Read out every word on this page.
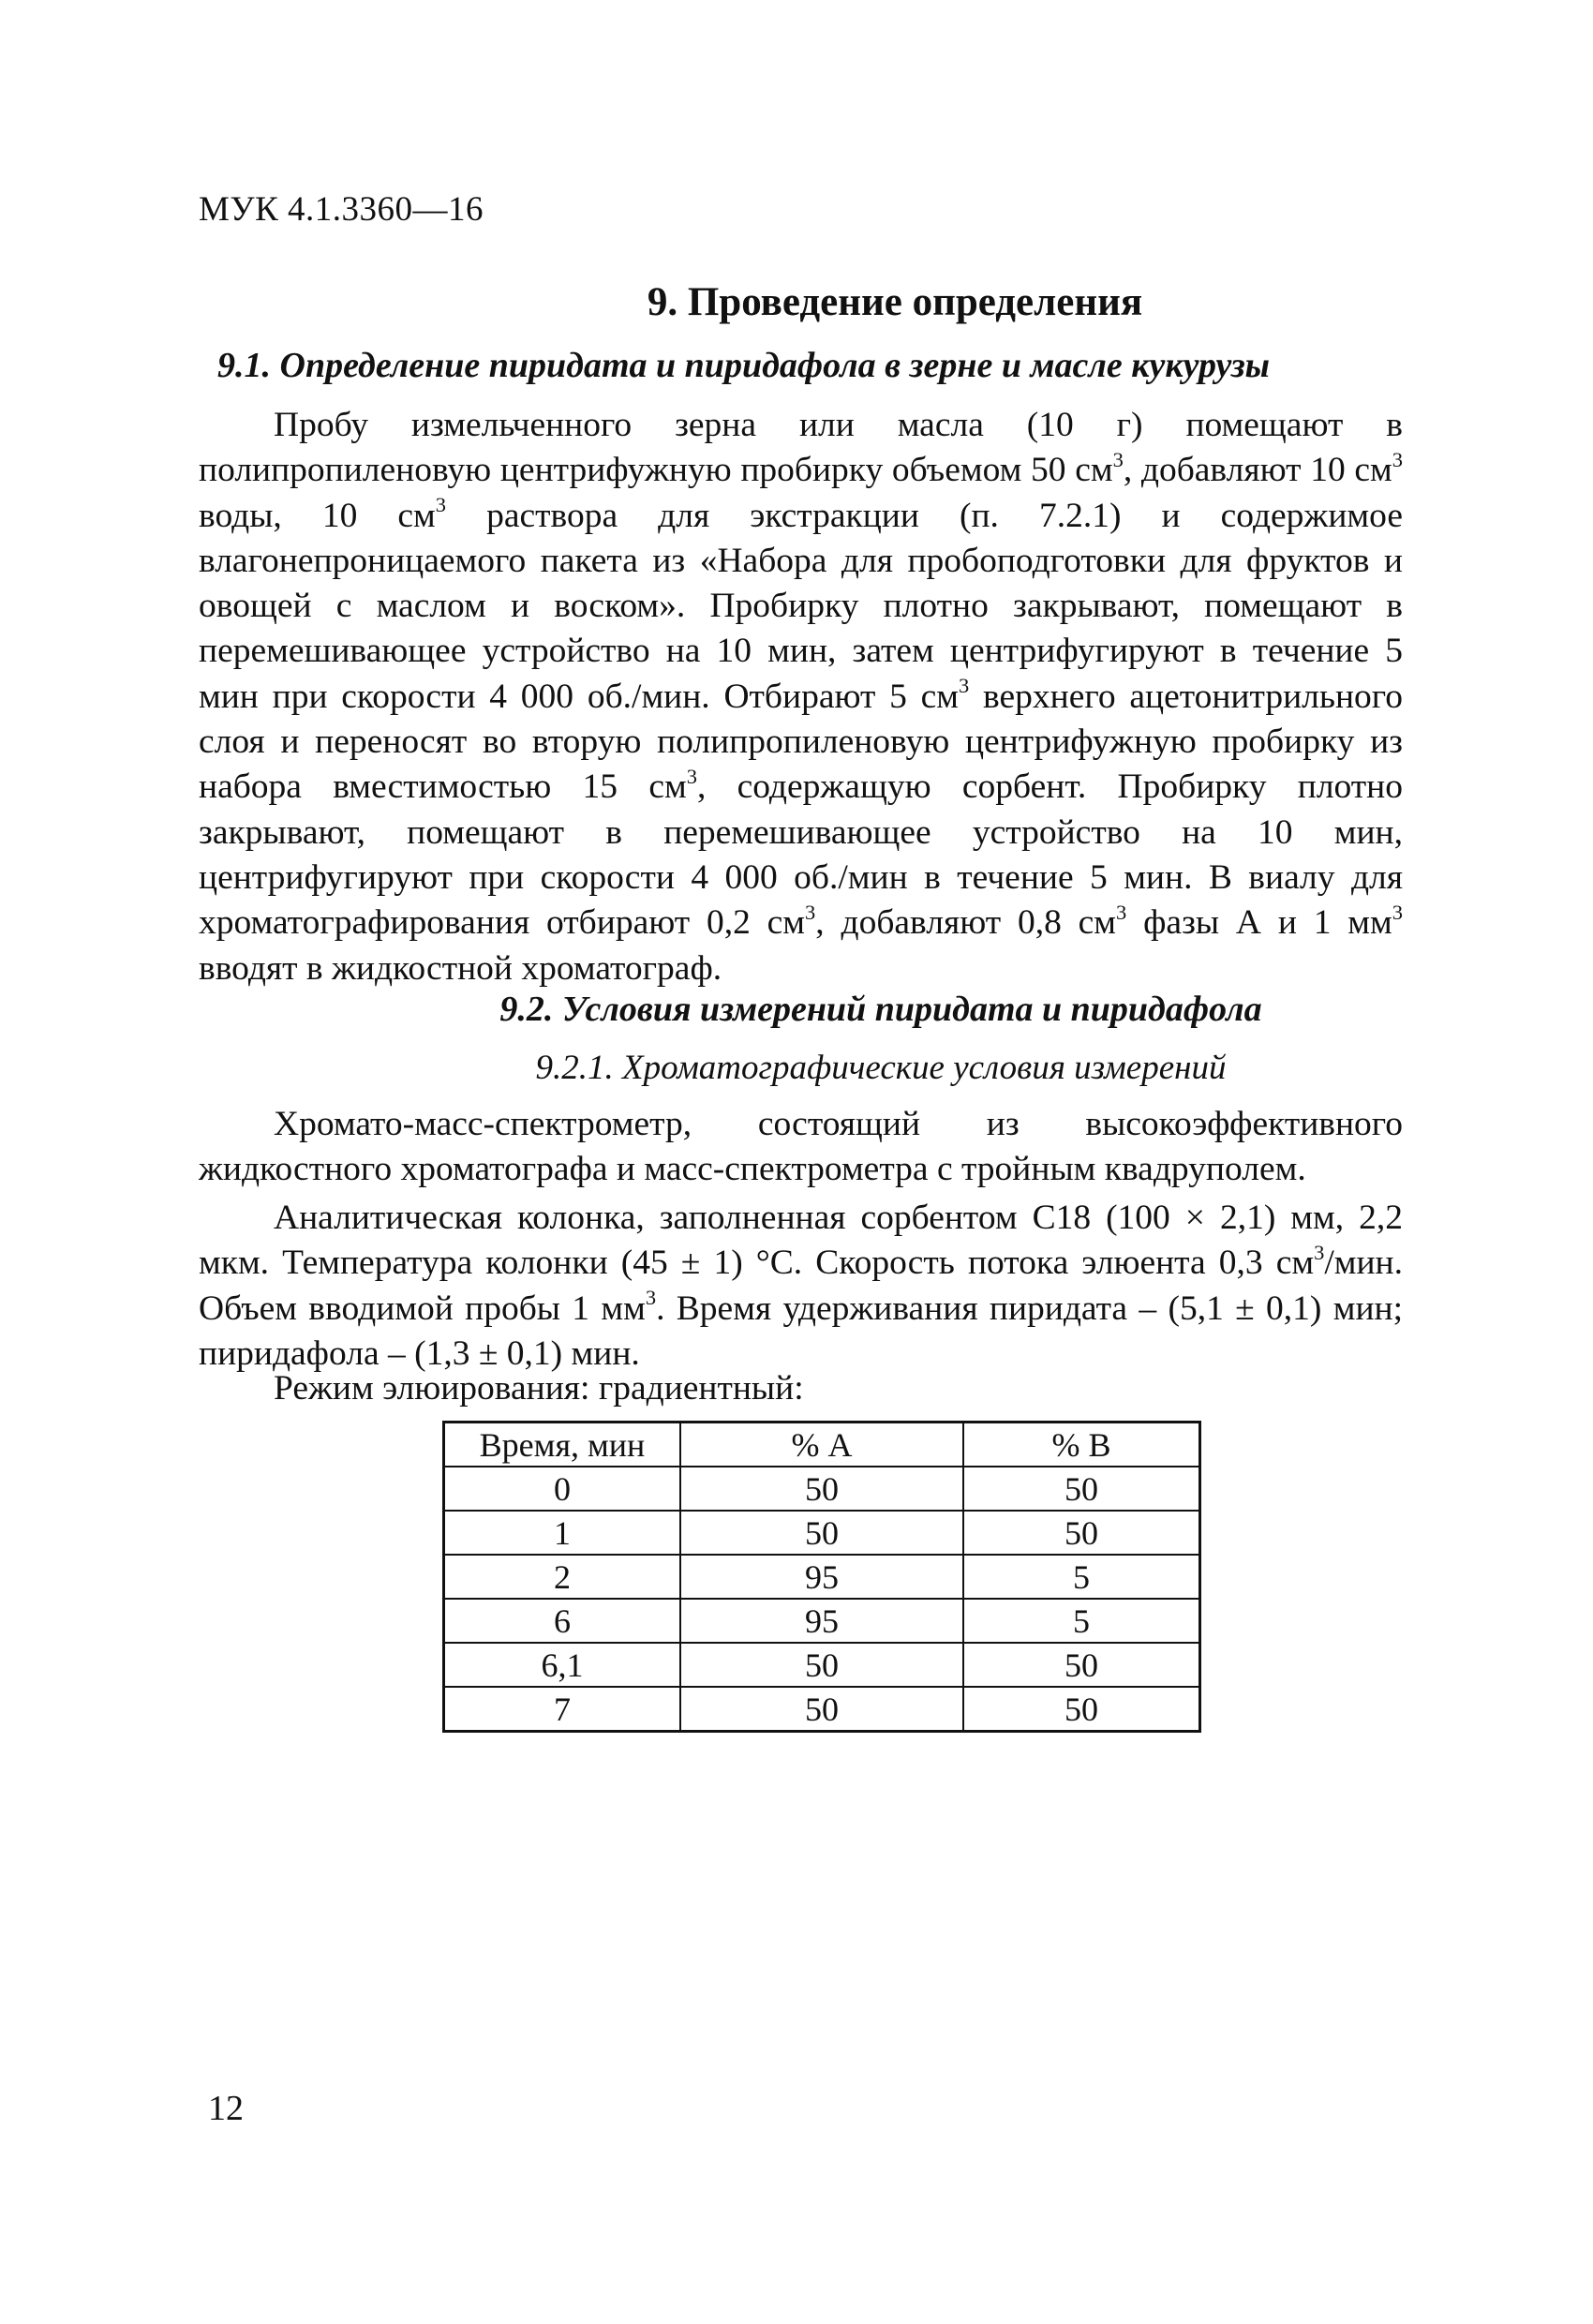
МУК 4.1.3360—16
9. Проведение определения
9.1. Определение пиридата и пиридафола в зерне и масле кукурузы

Пробу измельченного зерна или масла (10 г) помещают в полипропиленовую центрифужную пробирку объемом 50 $см^3$, добавляют 10 $см^3$ воды, 10 $см^3$ раствора для экстракции (п. 7.2.1) и содержимое влагонепроницаемого пакета из «Набора для пробоподготовки для фруктов и овощей с маслом и воском». Пробирку плотно закрывают, помещают в перемешивающее устройство на 10 мин, затем центрифугируют в течение 5 мин при скорости 4 000 об./мин. Отбирают 5 $см^3$ верхнего ацетонитрильного слоя и переносят во вторую полипропиленовую центрифужную пробирку из набора вместимостью 15 $см^3$, содержащую сорбент. Пробирку плотно закрывают, помещают в перемешивающее устройство на 10 мин, центрифугируют при скорости 4 000 об./мин в течение 5 мин. В виалу для хроматографирования отбирают 0,2 $см^3$, добавляют 0,8 $см^3$ фазы А и 1 $мм^3$ вводят в жидкостной хроматограф.

9.2. Условия измерений пиридата и пиридафола
9.2.1. Хроматографические условия измерений

Хромато-масс-спектрометр, состоящий из высокоэффективного жидкостного хроматографа и масс-спектрометра с тройным квадруполем.

Аналитическая колонка, заполненная сорбентом С18 (100 × 2,1) мм, 2,2 мкм. Температура колонки (45 ± 1) °С. Скорость потока элюента 0,3 $см^3$/мин. Объем вводимой пробы 1 $мм^3$. Время удерживания пиридата – (5,1 ± 0,1) мин; пиридафола – (1,3 ± 0,1) мин.

Режим элюирования: градиентный:

Время, мин	% А	% В
0	50	50
1	50	50
2	95	5
6	95	5
6,1	50	50
7	50	50
12
